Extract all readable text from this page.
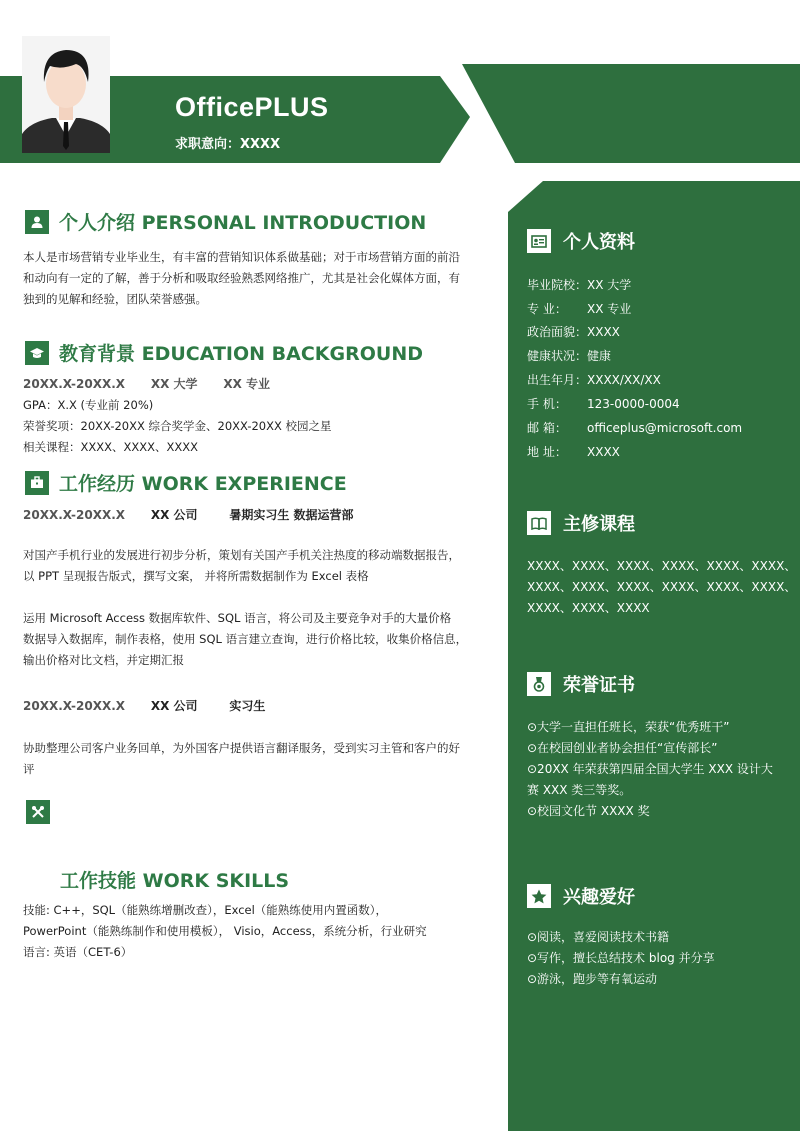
OfficePLUS
求职意向：XXXX
个人介绍 PERSONAL INTRODUCTION
本人是市场营销专业毕业生，有丰富的营销知识体系做基础；对于市场营销方面的前沿
和动向有一定的了解，善于分析和吸取经验熟悉网络推广，尤其是社会化媒体方面，有
独到的见解和经验，团队荣誉感强。
教育背景 EDUCATION BACKGROUND
20XX.X-20XX.X XX 大学 XX 专业
GPA：X.X (专业前 20%)
荣誉奖项：20XX-20XX 综合奖学金、20XX-20XX 校园之星
相关课程：XXXX、XXXX、XXXX
工作经历 WORK EXPERIENCE
20XX.X-20XX.X XX 公司	暑期实习生 数据运营部
对国产手机行业的发展进行初步分析，策划有关国产手机关注热度的移动端数据报告，
以 PPT 呈现报告版式，撰写文案， 并将所需数据制作为 Excel 表格
运用 Microsoft Access 数据库软件、SQL 语言，将公司及主要竞争对手的大量价格
数据导入数据库，制作表格，使用 SQL 语言建立查询，进行价格比较，收集价格信息，
输出价格对比文档，并定期汇报
20XX.X-20XX.X XX 公司	实习生
协助整理公司客户业务回单，为外国客户提供语言翻译服务，受到实习主管和客户的好
评
工作技能 WORK SKILLS
技能: C++，SQL（能熟练增删改查），Excel（能熟练使用内置函数），
PowerPoint（能熟练制作和使用模板）， Visio，Access，系统分析，行业研究
语言: 英语（CET-6）
个人资料
毕业院校：XX 大学
专 业： XX 专业
政治面貌：XXXX
健康状况：健康
出生年月：XXXX/XX/XX
手 机： 123-0000-0004
邮 箱： officeplus@microsoft.com
地 址： XXXX
主修课程
XXXX、XXXX、XXXX、XXXX、XXXX、XXXX、
XXXX、XXXX、XXXX、XXXX、XXXX、XXXX、
XXXX、XXXX、XXXX
荣誉证书
⊙大学一直担任班长，荣获“优秀班干”
⊙在校园创业者协会担任“宣传部长”
⊙20XX 年荣获第四届全国大学生 XXX 设计大
赛 XXX 类三等奖。
⊙校园文化节 XXXX 奖
兴趣爱好
⊙阅读，喜爱阅读技术书籍
⊙写作，擅长总结技术 blog 并分享
⊙游泳，跑步等有氧运动
